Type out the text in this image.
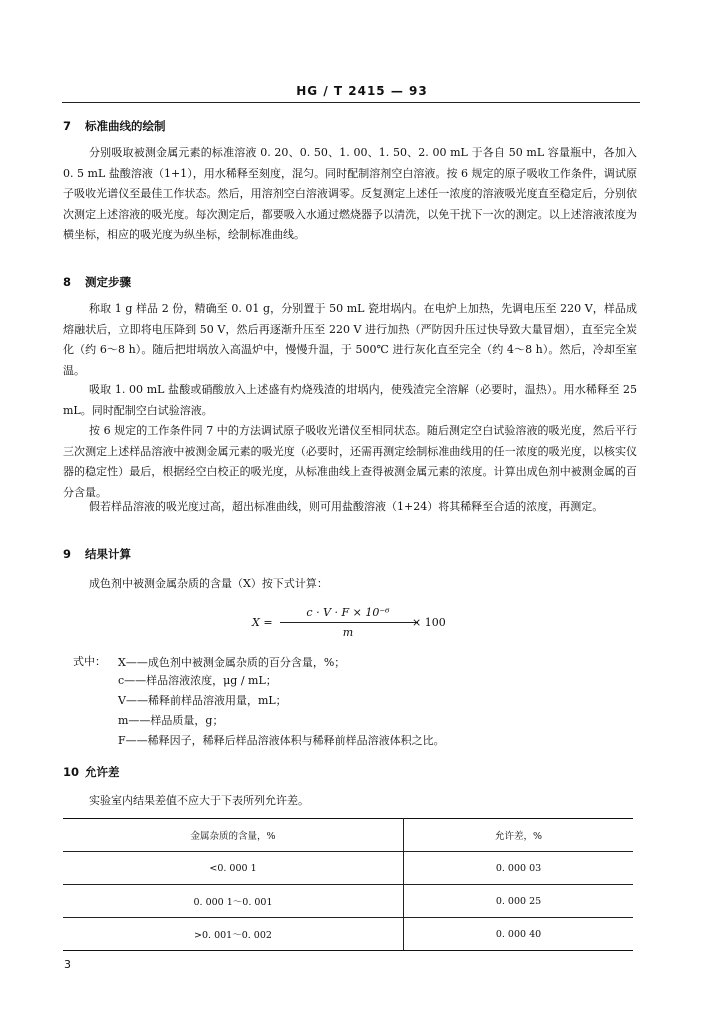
HG / T 2415 — 93
7 标准曲线的绘制
分别吸取被测金属元素的标准溶液 0. 20、0. 50、1. 00、1. 50、2. 00 mL 于各自 50 mL 容量瓶中，各加入 0. 5 mL 盐酸溶液（1+1），用水稀释至刻度，混匀。同时配制溶剂空白溶液。按 6 规定的原子吸收工作条件，调试原子吸收光谱仪至最佳工作状态。然后，用溶剂空白溶液调零。反复测定上述任一浓度的溶液吸光度直至稳定后，分别依次测定上述溶液的吸光度。每次测定后，都要吸入水通过燃烧器予以清洗，以免干扰下一次的测定。以上述溶液浓度为横坐标，相应的吸光度为纵坐标，绘制标准曲线。
8 测定步骤
称取 1 g 样品 2 份，精确至 0. 01 g，分别置于 50 mL 瓷坩埚内。在电炉上加热，先调电压至 220 V，样品成熔融状后，立即将电压降到 50 V，然后再逐渐升压至 220 V 进行加热（严防因升压过快导致大量冒烟），直至完全炭化（约 6～8 h）。随后把坩埚放入高温炉中，慢慢升温，于 500℃ 进行灰化直至完全（约 4～8 h）。然后，冷却至室温。
吸取 1. 00 mL 盐酸或硝酸放入上述盛有灼烧残渣的坩埚内，使残渣完全溶解（必要时，温热）。用水稀释至 25 mL。同时配制空白试验溶液。
按 6 规定的工作条件同 7 中的方法调试原子吸收光谱仪至相同状态。随后测定空白试验溶液的吸光度，然后平行三次测定上述样品溶液中被测金属元素的吸光度（必要时，还需再测定绘制标准曲线用的任一浓度的吸光度，以核实仪器的稳定性）最后，根据经空白校正的吸光度，从标准曲线上查得被测金属元素的浓度。计算出成色剂中被测金属的百分含量。
假若样品溶液的吸光度过高，超出标准曲线，则可用盐酸溶液（1+24）将其稀释至合适的浓度，再测定。
9 结果计算
成色剂中被测金属杂质的含量（X）按下式计算：
X =
c · V · F × 10⁻⁶
m
× 100
式中： X——成色剂中被测金属杂质的百分含量，%；
c——样品溶液浓度，μg / mL；
V——稀释前样品溶液用量，mL；
m——样品质量，g；
F——稀释因子，稀释后样品溶液体积与稀释前样品溶液体积之比。
10 允许差
实验室内结果差值不应大于下表所列允许差。
金属杂质的含量，%	允许差，%
<0. 000 1	0. 000 03
0. 000 1～0. 001	0. 000 25
>0. 001～0. 002	0. 000 40
3
